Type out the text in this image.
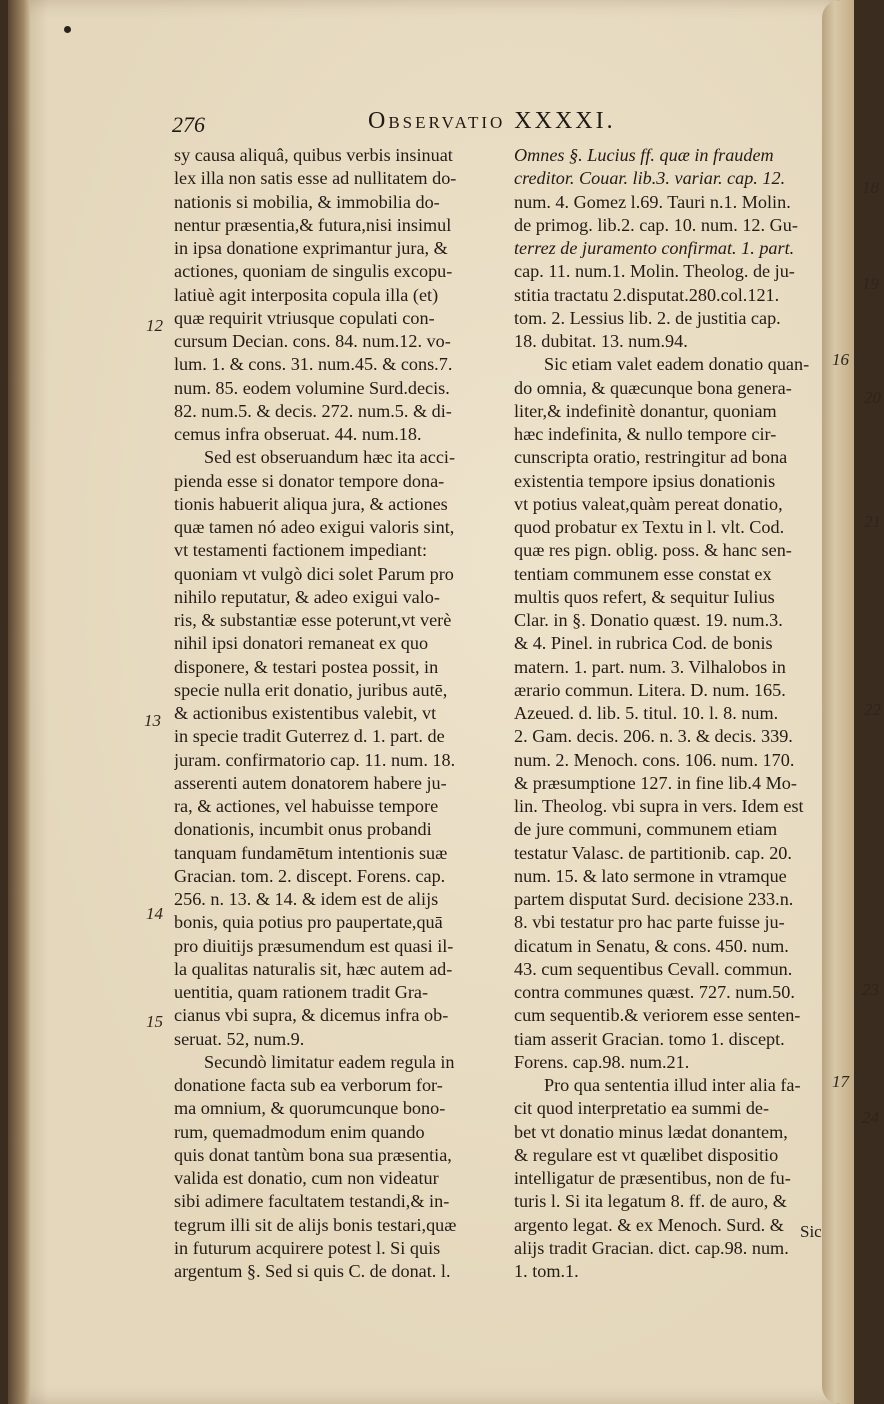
276	Observatio XXXXI.
sy causa aliquâ, quibus verbis insinuat
lex illa non satis esse ad nullitatem do-
nationis si mobilia, & immobilia do-
nentur præsentia,& futura,nisi insimul
in ipsa donatione exprimantur jura, &
actiones, quoniam de singulis excopu-
latiuè agit interposita copula illa (et)
quæ requirit vtriusque copulati con-
cursum Decian. cons. 84. num.12. vo-
lum. 1. & cons. 31. num.45. & cons.7.
num. 85. eodem volumine Surd.decis.
82. num.5. & decis. 272. num.5. & di-
cemus infra obseruat. 44. num.18.
Sed est obseruandum hæc ita acci-
pienda esse si donator tempore dona-
tionis habuerit aliqua jura, & actiones
quæ tamen nó adeo exigui valoris sint,
vt testamenti factionem impediant:
quoniam vt vulgò dici solet Parum pro
nihilo reputatur, & adeo exigui valo-
ris, & substantiæ esse poterunt,vt verè
nihil ipsi donatori remaneat ex quo
disponere, & testari postea possit, in
specie nulla erit donatio, juribus autē,
& actionibus existentibus valebit, vt
in specie tradit Guterrez d. 1. part. de
juram. confirmatorio cap. 11. num. 18.
asserenti autem donatorem habere ju-
ra, & actiones, vel habuisse tempore
donationis, incumbit onus probandi
tanquam fundamētum intentionis suæ
Gracian. tom. 2. discept. Forens. cap.
256. n. 13. & 14. & idem est de alijs
bonis, quia potius pro paupertate,quā
pro diuitijs præsumendum est quasi il-
la qualitas naturalis sit, hæc autem ad-
uentitia, quam rationem tradit Gra-
cianus vbi supra, & dicemus infra ob-
seruat. 52, num.9.
Secundò limitatur eadem regula in
donatione facta sub ea verborum for-
ma omnium, & quorumcunque bono-
rum, quemadmodum enim quando
quis donat tantùm bona sua præsentia,
valida est donatio, cum non videatur
sibi adimere facultatem testandi,& in-
tegrum illi sit de alijs bonis testari,quæ
in futurum acquirere potest l. Si quis
argentum §. Sed si quis C. de donat. l.
Omnes §. Lucius ff. quæ in fraudem
creditor. Couar. lib.3. variar. cap. 12.
num. 4. Gomez l.69. Tauri n.1. Molin.
de primog. lib.2. cap. 10. num. 12. Gu-
terrez de juramento confirmat. 1. part.
cap. 11. num.1. Molin. Theolog. de ju-
stitia tractatu 2.disputat.280.col.121.
tom. 2. Lessius lib. 2. de justitia cap.
18. dubitat. 13. num.94.
Sic etiam valet eadem donatio quan-
do omnia, & quæcunque bona genera-
liter,& indefinitè donantur, quoniam
hæc indefinita, & nullo tempore cir-
cunscripta oratio, restringitur ad bona
existentia tempore ipsius donationis
vt potius valeat,quàm pereat donatio,
quod probatur ex Textu in l. vlt. Cod.
quæ res pign. oblig. poss. & hanc sen-
tentiam communem esse constat ex
multis quos refert, & sequitur Iulius
Clar. in §. Donatio quæst. 19. num.3.
& 4. Pinel. in rubrica Cod. de bonis
matern. 1. part. num. 3. Vilhalobos in
ærario commun. Litera. D. num. 165.
Azeued. d. lib. 5. titul. 10. l. 8. num.
2. Gam. decis. 206. n. 3. & decis. 339.
num. 2. Menoch. cons. 106. num. 170.
& præsumptione 127. in fine lib.4 Mo-
lin. Theolog. vbi supra in vers. Idem est
de jure communi, communem etiam
testatur Valasc. de partitionib. cap. 20.
num. 15. & lato sermone in vtramque
partem disputat Surd. decisione 233.n.
8. vbi testatur pro hac parte fuisse ju-
dicatum in Senatu, & cons. 450. num.
43. cum sequentibus Cevall. commun.
contra communes quæst. 727. num.50.
cum sequentib.& veriorem esse senten-
tiam asserit Gracian. tomo 1. discept.
Forens. cap.98. num.21.
Pro qua sententia illud inter alia fa-
cit quod interpretatio ea summi de-
bet vt donatio minus lædat donantem,
& regulare est vt quælibet dispositio
intelligatur de præsentibus, non de fu-
turis l. Si ita legatum 8. ff. de auro, &
argento legat. & ex Menoch. Surd. &
alijs tradit Gracian. dict. cap.98. num.
1. tom.1.
12
13
14
15
18
19
16
20
21
22
23
17
24
Sic
